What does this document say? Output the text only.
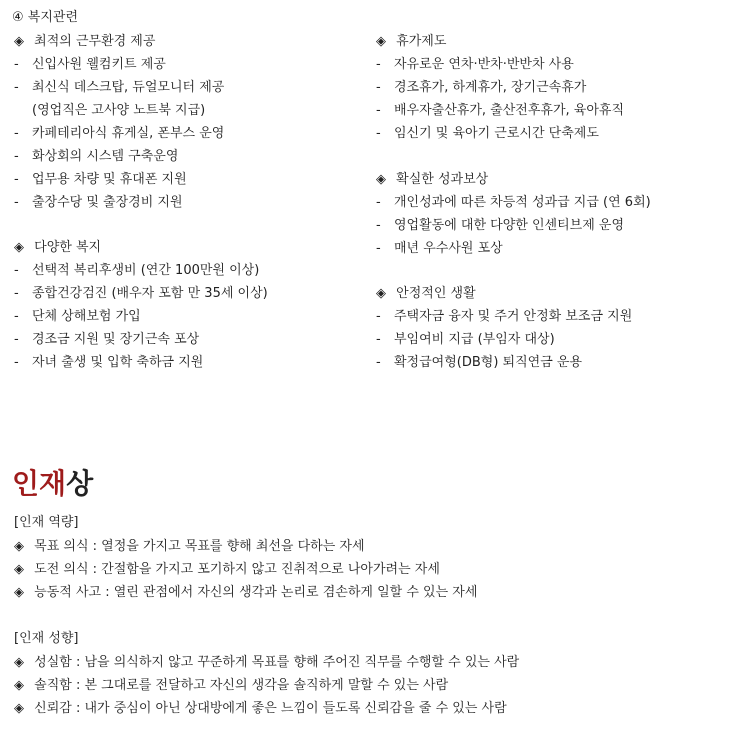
④ 복지관련
◈ 최적의 근무환경 제공
- 신입사원 웰컴키트 제공
- 최신식 데스크탑, 듀얼모니터 제공
(영업직은 고사양 노트북 지급)
- 카페테리아식 휴게실, 폰부스 운영
- 화상회의 시스템 구축운영
- 업무용 차량 및 휴대폰 지원
- 출장수당 및 출장경비 지원
◈ 다양한 복지
- 선택적 복리후생비 (연간 100만원 이상)
- 종합건강검진 (배우자 포함 만 35세 이상)
- 단체 상해보험 가입
- 경조금 지원 및 장기근속 포상
- 자녀 출생 및 입학 축하금 지원
◈ 휴가제도
- 자유로운 연차·반차·반반차 사용
- 경조휴가, 하계휴가, 장기근속휴가
- 배우자출산휴가, 출산전후휴가, 육아휴직
- 임신기 및 육아기 근로시간 단축제도
◈ 확실한 성과보상
- 개인성과에 따른 차등적 성과급 지급 (연 6회)
- 영업활동에 대한 다양한 인센티브제 운영
- 매년 우수사원 포상
◈ 안정적인 생활
- 주택자금 융자 및 주거 안정화 보조금 지원
- 부임여비 지급 (부임자 대상)
- 확정급여형(DB형) 퇴직연금 운용
인재상
[인재 역량]
◈ 목표 의식 : 열정을 가지고 목표를 향해 최선을 다하는 자세
◈ 도전 의식 : 간절함을 가지고 포기하지 않고 진취적으로 나아가려는 자세
◈ 능동적 사고 : 열린 관점에서 자신의 생각과 논리로 겸손하게 일할 수 있는 자세
[인재 성향]
◈ 성실함 : 남을 의식하지 않고 꾸준하게 목표를 향해 주어진 직무를 수행할 수 있는 사람
◈ 솔직함 : 본 그대로를 전달하고 자신의 생각을 솔직하게 말할 수 있는 사람
◈ 신뢰감 : 내가 중심이 아닌 상대방에게 좋은 느낌이 들도록 신뢰감을 줄 수 있는 사람
